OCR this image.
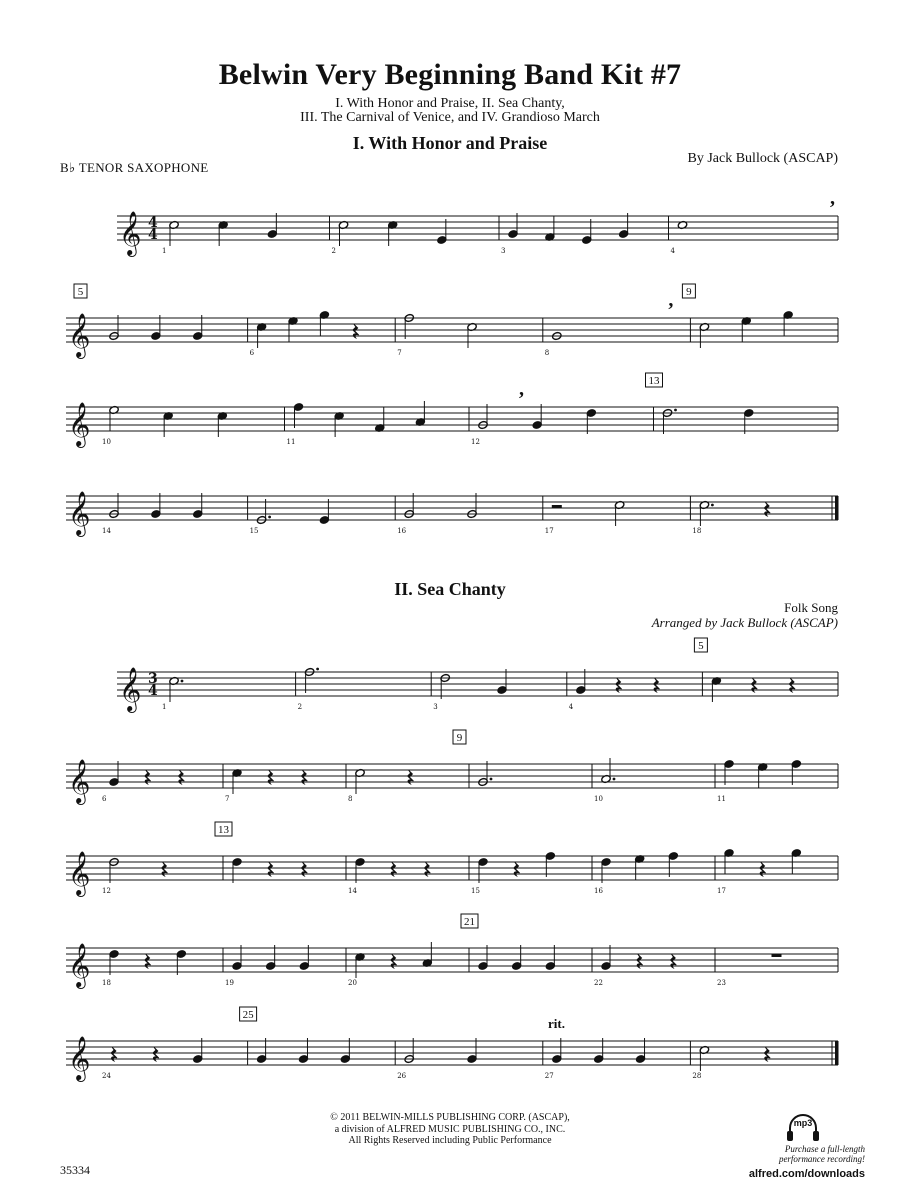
Belwin Very Beginning Band Kit #7
I. With Honor and Praise, II. Sea Chanty,
III. The Carnival of Venice, and IV. Grandioso March
I. With Honor and Praise
B♭ TENOR SAXOPHONE
By Jack Bullock (ASCAP)
II. Sea Chanty
Folk Song
Arranged by Jack Bullock (ASCAP)
𝄞 4
4
1	2	3	4
,
𝄞	6	7	8
5	9
,
𝄞 10	11	12
13
,
𝄞 14	15	16	17	18
𝄞 3
4
1	2	3	4
5
𝄞 6	7	8	10	11
9
𝄞 12	14	15	16	17
13
𝄞 18	19	20	22	23
21
𝄞 24	26	27	28
25
rit.
© 2011 BELWIN-MILLS PUBLISHING CORP. (ASCAP),
a division of ALFRED MUSIC PUBLISHING CO., INC.
All Rights Reserved including Public Performance
35334
mp3
Purchase a full-length
performance recording!
alfred.com/downloads
